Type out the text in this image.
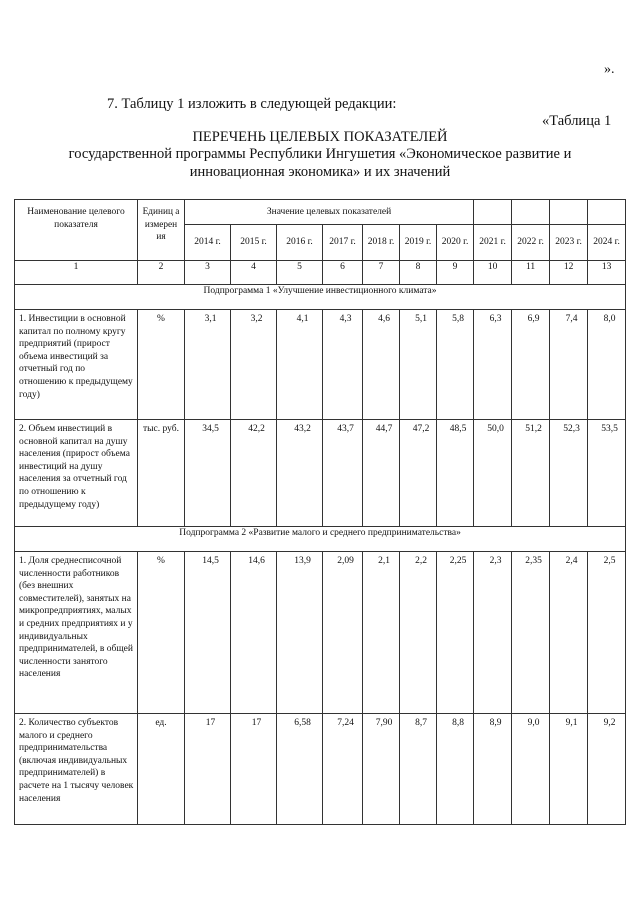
».
7. Таблицу 1 изложить в следующей редакции:
«Таблица 1
ПЕРЕЧЕНЬ ЦЕЛЕВЫХ ПОКАЗАТЕЛЕЙ
государственной программы Республики Ингушетия «Экономическое развитие и
инновационная экономика» и их значений
Наименование целевого показателя	Единиц а измерен ия	Значение целевых показателей										
		2014 г.	2015 г.	2016 г.	2017 г.	2018 г.	2019 г.	2020 г.	2021 г.	2022 г.	2023 г.	2024 г.
1	2	3	4	5	6	7	8	9	10	11	12	13
Подпрограмма 1 «Улучшение инвестиционного климата»												
1. Инвестиции в основной капитал по полному кругу предприятий (прирост объема инвестиций за отчетный год по отношению к предыдущему году)	%	3,1	3,2	4,1	4,3	4,6	5,1	5,8	6,3	6,9	7,4	8,0
2. Объем инвестиций в основной капитал на душу населения (прирост объема инвестиций на душу населения за отчетный год по отношению к предыдущему году)	тыс. руб.	34,5	42,2	43,2	43,7	44,7	47,2	48,5	50,0	51,2	52,3	53,5
Подпрограмма 2 «Развитие малого и среднего предпринимательства»												
1. Доля среднесписочной численности работников (без внешних совместителей), занятых на микропредприятиях, малых и средних предприятиях и у индивидуальных предпринимателей, в общей численности занятого населения	%	14,5	14,6	13,9	2,09	2,1	2,2	2,25	2,3	2,35	2,4	2,5
2. Количество субъектов малого и среднего предпринимательства (включая индивидуальных предпринимателей) в расчете на 1 тысячу человек населения	ед.	17	17	6,58	7,24	7,90	8,7	8,8	8,9	9,0	9,1	9,2
